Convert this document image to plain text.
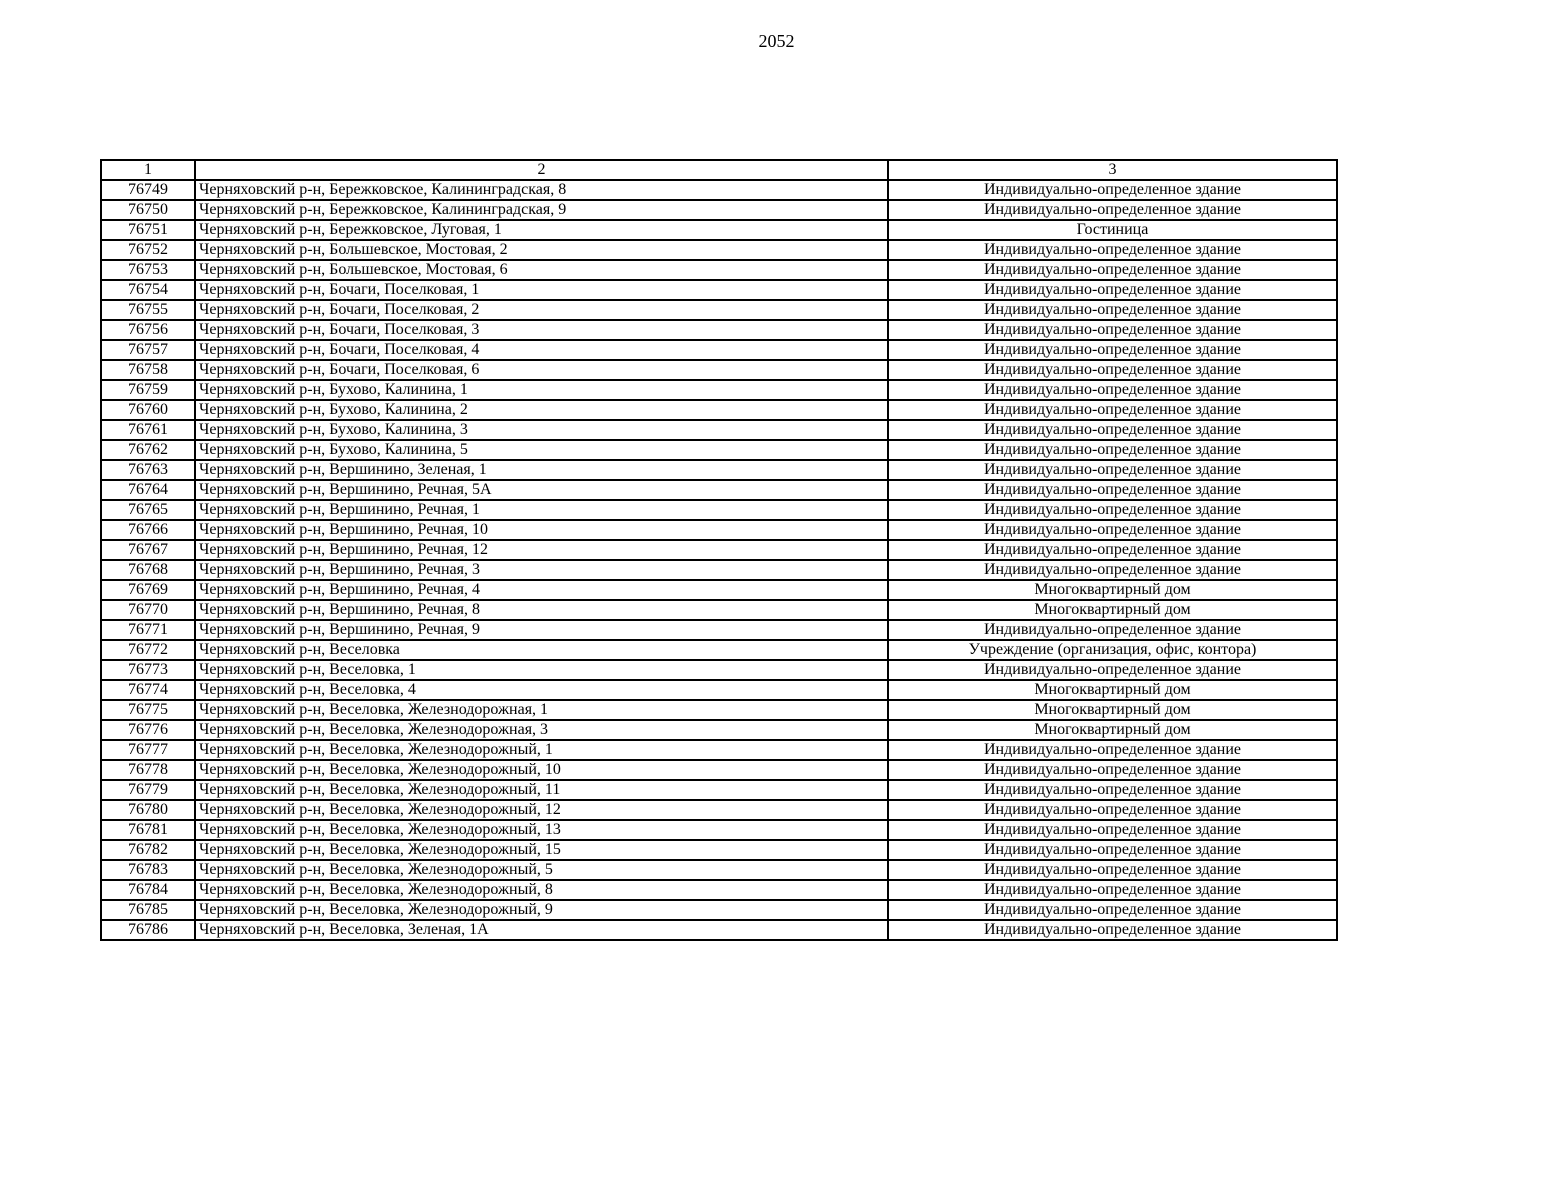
2052
1	2	3
76749	Черняховский р-н, Бережковское, Калининградская, 8	Индивидуально-определенное здание
76750	Черняховский р-н, Бережковское, Калининградская, 9	Индивидуально-определенное здание
76751	Черняховский р-н, Бережковское, Луговая, 1	Гостиница
76752	Черняховский р-н, Большевское, Мостовая, 2	Индивидуально-определенное здание
76753	Черняховский р-н, Большевское, Мостовая, 6	Индивидуально-определенное здание
76754	Черняховский р-н, Бочаги, Поселковая, 1	Индивидуально-определенное здание
76755	Черняховский р-н, Бочаги, Поселковая, 2	Индивидуально-определенное здание
76756	Черняховский р-н, Бочаги, Поселковая, 3	Индивидуально-определенное здание
76757	Черняховский р-н, Бочаги, Поселковая, 4	Индивидуально-определенное здание
76758	Черняховский р-н, Бочаги, Поселковая, 6	Индивидуально-определенное здание
76759	Черняховский р-н, Бухово, Калинина, 1	Индивидуально-определенное здание
76760	Черняховский р-н, Бухово, Калинина, 2	Индивидуально-определенное здание
76761	Черняховский р-н, Бухово, Калинина, 3	Индивидуально-определенное здание
76762	Черняховский р-н, Бухово, Калинина, 5	Индивидуально-определенное здание
76763	Черняховский р-н, Вершинино, Зеленая, 1	Индивидуально-определенное здание
76764	Черняховский р-н, Вершинино, Речная, 5А	Индивидуально-определенное здание
76765	Черняховский р-н, Вершинино, Речная, 1	Индивидуально-определенное здание
76766	Черняховский р-н, Вершинино, Речная, 10	Индивидуально-определенное здание
76767	Черняховский р-н, Вершинино, Речная, 12	Индивидуально-определенное здание
76768	Черняховский р-н, Вершинино, Речная, 3	Индивидуально-определенное здание
76769	Черняховский р-н, Вершинино, Речная, 4	Многоквартирный дом
76770	Черняховский р-н, Вершинино, Речная, 8	Многоквартирный дом
76771	Черняховский р-н, Вершинино, Речная, 9	Индивидуально-определенное здание
76772	Черняховский р-н, Веселовка	Учреждение (организация, офис, контора)
76773	Черняховский р-н, Веселовка, 1	Индивидуально-определенное здание
76774	Черняховский р-н, Веселовка, 4	Многоквартирный дом
76775	Черняховский р-н, Веселовка, Железнодорожная, 1	Многоквартирный дом
76776	Черняховский р-н, Веселовка, Железнодорожная, 3	Многоквартирный дом
76777	Черняховский р-н, Веселовка, Железнодорожный, 1	Индивидуально-определенное здание
76778	Черняховский р-н, Веселовка, Железнодорожный, 10	Индивидуально-определенное здание
76779	Черняховский р-н, Веселовка, Железнодорожный, 11	Индивидуально-определенное здание
76780	Черняховский р-н, Веселовка, Железнодорожный, 12	Индивидуально-определенное здание
76781	Черняховский р-н, Веселовка, Железнодорожный, 13	Индивидуально-определенное здание
76782	Черняховский р-н, Веселовка, Железнодорожный, 15	Индивидуально-определенное здание
76783	Черняховский р-н, Веселовка, Железнодорожный, 5	Индивидуально-определенное здание
76784	Черняховский р-н, Веселовка, Железнодорожный, 8	Индивидуально-определенное здание
76785	Черняховский р-н, Веселовка, Железнодорожный, 9	Индивидуально-определенное здание
76786	Черняховский р-н, Веселовка, Зеленая, 1А	Индивидуально-определенное здание
